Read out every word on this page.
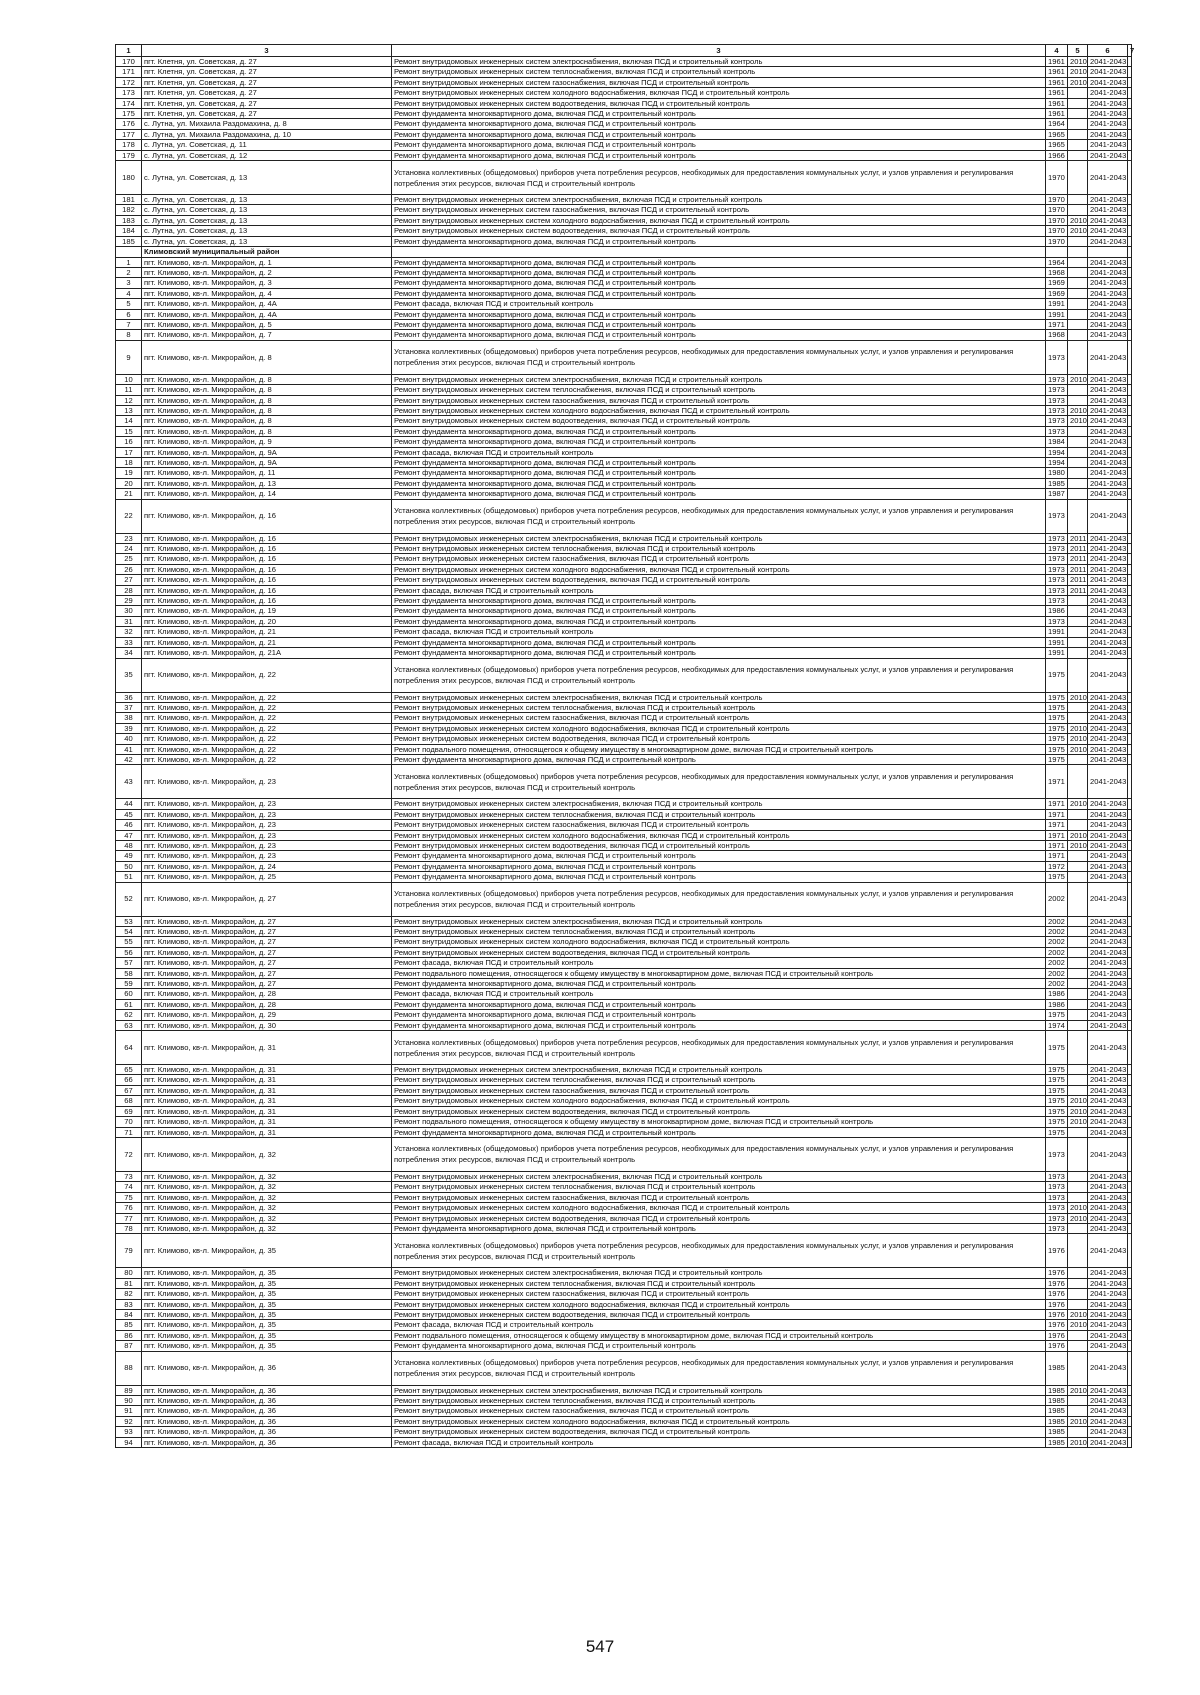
1	3	3	4	5	6	7
170	пгт. Клетня, ул. Советская, д. 27	Ремонт внутридомовых инженерных систем электроснабжения, включая ПСД и строительный контроль	1961	2010	2041-2043	
171	пгт. Клетня, ул. Советская, д. 27	Ремонт внутридомовых инженерных систем теплоснабжения, включая ПСД и строительный контроль	1961	2010	2041-2043	
172	пгт. Клетня, ул. Советская, д. 27	Ремонт внутридомовых инженерных систем газоснабжения, включая ПСД и строительный контроль	1961	2010	2041-2043	
173	пгт. Клетня, ул. Советская, д. 27	Ремонт внутридомовых инженерных систем холодного водоснабжения, включая ПСД и строительный контроль	1961		2041-2043	
174	пгт. Клетня, ул. Советская, д. 27	Ремонт внутридомовых инженерных систем водоотведения, включая ПСД и строительный контроль	1961		2041-2043	
175	пгт. Клетня, ул. Советская, д. 27	Ремонт фундамента многоквартирного дома, включая ПСД и строительный контроль	1961		2041-2043	
176	с. Лутна, ул. Михаила Раздомахина, д. 8	Ремонт фундамента многоквартирного дома, включая ПСД и строительный контроль	1964		2041-2043	
177	с. Лутна, ул. Михаила Раздомахина, д. 10	Ремонт фундамента многоквартирного дома, включая ПСД и строительный контроль	1965		2041-2043	
178	с. Лутна, ул. Советская, д. 11	Ремонт фундамента многоквартирного дома, включая ПСД и строительный контроль	1965		2041-2043	
179	с. Лутна, ул. Советская, д. 12	Ремонт фундамента многоквартирного дома, включая ПСД и строительный контроль	1966		2041-2043	
180	с. Лутна, ул. Советская, д. 13	Установка коллективных (общедомовых) приборов учета потребления ресурсов, необходимых для предоставления коммунальных услуг, и узлов управления и регулирования потребления этих ресурсов, включая ПСД и строительный контроль	1970		2041-2043	
181	с. Лутна, ул. Советская, д. 13	Ремонт внутридомовых инженерных систем электроснабжения, включая ПСД и строительный контроль	1970		2041-2043	
182	с. Лутна, ул. Советская, д. 13	Ремонт внутридомовых инженерных систем газоснабжения, включая ПСД и строительный контроль	1970		2041-2043	
183	с. Лутна, ул. Советская, д. 13	Ремонт внутридомовых инженерных систем холодного водоснабжения, включая ПСД и строительный контроль	1970	2010	2041-2043	
184	с. Лутна, ул. Советская, д. 13	Ремонт внутридомовых инженерных систем водоотведения, включая ПСД и строительный контроль	1970	2010	2041-2043	
185	с. Лутна, ул. Советская, д. 13	Ремонт фундамента многоквартирного дома, включая ПСД и строительный контроль	1970		2041-2043	
	Климовский муниципальный район					
1	пгт. Климово, кв-л. Микрорайон, д. 1	Ремонт фундамента многоквартирного дома, включая ПСД и строительный контроль	1964		2041-2043	
2	пгт. Климово, кв-л. Микрорайон, д. 2	Ремонт фундамента многоквартирного дома, включая ПСД и строительный контроль	1968		2041-2043	
3	пгт. Климово, кв-л. Микрорайон, д. 3	Ремонт фундамента многоквартирного дома, включая ПСД и строительный контроль	1969		2041-2043	
4	пгт. Климово, кв-л. Микрорайон, д. 4	Ремонт фундамента многоквартирного дома, включая ПСД и строительный контроль	1969		2041-2043	
5	пгт. Климово, кв-л. Микрорайон, д. 4А	Ремонт фасада, включая ПСД и строительный контроль	1991		2041-2043	
6	пгт. Климово, кв-л. Микрорайон, д. 4А	Ремонт фундамента многоквартирного дома, включая ПСД и строительный контроль	1991		2041-2043	
7	пгт. Климово, кв-л. Микрорайон, д. 5	Ремонт фундамента многоквартирного дома, включая ПСД и строительный контроль	1971		2041-2043	
8	пгт. Климово, кв-л. Микрорайон, д. 7	Ремонт фундамента многоквартирного дома, включая ПСД и строительный контроль	1968		2041-2043	
9	пгт. Климово, кв-л. Микрорайон, д. 8	Установка коллективных (общедомовых) приборов учета потребления ресурсов, необходимых для предоставления коммунальных услуг, и узлов управления и регулирования потребления этих ресурсов, включая ПСД и строительный контроль	1973		2041-2043	
10	пгт. Климово, кв-л. Микрорайон, д. 8	Ремонт внутридомовых инженерных систем электроснабжения, включая ПСД и строительный контроль	1973	2010	2041-2043	
11	пгт. Климово, кв-л. Микрорайон, д. 8	Ремонт внутридомовых инженерных систем теплоснабжения, включая ПСД и строительный контроль	1973		2041-2043	
12	пгт. Климово, кв-л. Микрорайон, д. 8	Ремонт внутридомовых инженерных систем газоснабжения, включая ПСД и строительный контроль	1973		2041-2043	
13	пгт. Климово, кв-л. Микрорайон, д. 8	Ремонт внутридомовых инженерных систем холодного водоснабжения, включая ПСД и строительный контроль	1973	2010	2041-2043	
14	пгт. Климово, кв-л. Микрорайон, д. 8	Ремонт внутридомовых инженерных систем водоотведения, включая ПСД и строительный контроль	1973	2010	2041-2043	
15	пгт. Климово, кв-л. Микрорайон, д. 8	Ремонт фундамента многоквартирного дома, включая ПСД и строительный контроль	1973		2041-2043	
16	пгт. Климово, кв-л. Микрорайон, д. 9	Ремонт фундамента многоквартирного дома, включая ПСД и строительный контроль	1984		2041-2043	
17	пгт. Климово, кв-л. Микрорайон, д. 9А	Ремонт фасада, включая ПСД и строительный контроль	1994		2041-2043	
18	пгт. Климово, кв-л. Микрорайон, д. 9А	Ремонт фундамента многоквартирного дома, включая ПСД и строительный контроль	1994		2041-2043	
19	пгт. Климово, кв-л. Микрорайон, д. 11	Ремонт фундамента многоквартирного дома, включая ПСД и строительный контроль	1980		2041-2043	
20	пгт. Климово, кв-л. Микрорайон, д. 13	Ремонт фундамента многоквартирного дома, включая ПСД и строительный контроль	1985		2041-2043	
21	пгт. Климово, кв-л. Микрорайон, д. 14	Ремонт фундамента многоквартирного дома, включая ПСД и строительный контроль	1987		2041-2043	
22	пгт. Климово, кв-л. Микрорайон, д. 16	Установка коллективных (общедомовых) приборов учета потребления ресурсов, необходимых для предоставления коммунальных услуг, и узлов управления и регулирования потребления этих ресурсов, включая ПСД и строительный контроль	1973		2041-2043	
23	пгт. Климово, кв-л. Микрорайон, д. 16	Ремонт внутридомовых инженерных систем электроснабжения, включая ПСД и строительный контроль	1973	2011	2041-2043	
24	пгт. Климово, кв-л. Микрорайон, д. 16	Ремонт внутридомовых инженерных систем теплоснабжения, включая ПСД и строительный контроль	1973	2011	2041-2043	
25	пгт. Климово, кв-л. Микрорайон, д. 16	Ремонт внутридомовых инженерных систем газоснабжения, включая ПСД и строительный контроль	1973	2011	2041-2043	
26	пгт. Климово, кв-л. Микрорайон, д. 16	Ремонт внутридомовых инженерных систем холодного водоснабжения, включая ПСД и строительный контроль	1973	2011	2041-2043	
27	пгт. Климово, кв-л. Микрорайон, д. 16	Ремонт внутридомовых инженерных систем водоотведения, включая ПСД и строительный контроль	1973	2011	2041-2043	
28	пгт. Климово, кв-л. Микрорайон, д. 16	Ремонт фасада, включая ПСД и строительный контроль	1973	2011	2041-2043	
29	пгт. Климово, кв-л. Микрорайон, д. 16	Ремонт фундамента многоквартирного дома, включая ПСД и строительный контроль	1973		2041-2043	
30	пгт. Климово, кв-л. Микрорайон, д. 19	Ремонт фундамента многоквартирного дома, включая ПСД и строительный контроль	1986		2041-2043	
31	пгт. Климово, кв-л. Микрорайон, д. 20	Ремонт фундамента многоквартирного дома, включая ПСД и строительный контроль	1973		2041-2043	
32	пгт. Климово, кв-л. Микрорайон, д. 21	Ремонт фасада, включая ПСД и строительный контроль	1991		2041-2043	
33	пгт. Климово, кв-л. Микрорайон, д. 21	Ремонт фундамента многоквартирного дома, включая ПСД и строительный контроль	1991		2041-2043	
34	пгт. Климово, кв-л. Микрорайон, д. 21А	Ремонт фундамента многоквартирного дома, включая ПСД и строительный контроль	1991		2041-2043	
35	пгт. Климово, кв-л. Микрорайон, д. 22	Установка коллективных (общедомовых) приборов учета потребления ресурсов, необходимых для предоставления коммунальных услуг, и узлов управления и регулирования потребления этих ресурсов, включая ПСД и строительный контроль	1975		2041-2043	
36	пгт. Климово, кв-л. Микрорайон, д. 22	Ремонт внутридомовых инженерных систем электроснабжения, включая ПСД и строительный контроль	1975	2010	2041-2043	
37	пгт. Климово, кв-л. Микрорайон, д. 22	Ремонт внутридомовых инженерных систем теплоснабжения, включая ПСД и строительный контроль	1975		2041-2043	
38	пгт. Климово, кв-л. Микрорайон, д. 22	Ремонт внутридомовых инженерных систем газоснабжения, включая ПСД и строительный контроль	1975		2041-2043	
39	пгт. Климово, кв-л. Микрорайон, д. 22	Ремонт внутридомовых инженерных систем холодного водоснабжения, включая ПСД и строительный контроль	1975	2010	2041-2043	
40	пгт. Климово, кв-л. Микрорайон, д. 22	Ремонт внутридомовых инженерных систем водоотведения, включая ПСД и строительный контроль	1975	2010	2041-2043	
41	пгт. Климово, кв-л. Микрорайон, д. 22	Ремонт подвального помещения, относящегося к общему имуществу в многоквартирном доме, включая ПСД и строительный контроль	1975	2010	2041-2043	
42	пгт. Климово, кв-л. Микрорайон, д. 22	Ремонт фундамента многоквартирного дома, включая ПСД и строительный контроль	1975		2041-2043	
43	пгт. Климово, кв-л. Микрорайон, д. 23	Установка коллективных (общедомовых) приборов учета потребления ресурсов, необходимых для предоставления коммунальных услуг, и узлов управления и регулирования потребления этих ресурсов, включая ПСД и строительный контроль	1971		2041-2043	
44	пгт. Климово, кв-л. Микрорайон, д. 23	Ремонт внутридомовых инженерных систем электроснабжения, включая ПСД и строительный контроль	1971	2010	2041-2043	
45	пгт. Климово, кв-л. Микрорайон, д. 23	Ремонт внутридомовых инженерных систем теплоснабжения, включая ПСД и строительный контроль	1971		2041-2043	
46	пгт. Климово, кв-л. Микрорайон, д. 23	Ремонт внутридомовых инженерных систем газоснабжения, включая ПСД и строительный контроль	1971		2041-2043	
47	пгт. Климово, кв-л. Микрорайон, д. 23	Ремонт внутридомовых инженерных систем холодного водоснабжения, включая ПСД и строительный контроль	1971	2010	2041-2043	
48	пгт. Климово, кв-л. Микрорайон, д. 23	Ремонт внутридомовых инженерных систем водоотведения, включая ПСД и строительный контроль	1971	2010	2041-2043	
49	пгт. Климово, кв-л. Микрорайон, д. 23	Ремонт фундамента многоквартирного дома, включая ПСД и строительный контроль	1971		2041-2043	
50	пгт. Климово, кв-л. Микрорайон, д. 24	Ремонт фундамента многоквартирного дома, включая ПСД и строительный контроль	1972		2041-2043	
51	пгт. Климово, кв-л. Микрорайон, д. 25	Ремонт фундамента многоквартирного дома, включая ПСД и строительный контроль	1975		2041-2043	
52	пгт. Климово, кв-л. Микрорайон, д. 27	Установка коллективных (общедомовых) приборов учета потребления ресурсов, необходимых для предоставления коммунальных услуг, и узлов управления и регулирования потребления этих ресурсов, включая ПСД и строительный контроль	2002		2041-2043	
53	пгт. Климово, кв-л. Микрорайон, д. 27	Ремонт внутридомовых инженерных систем электроснабжения, включая ПСД и строительный контроль	2002		2041-2043	
54	пгт. Климово, кв-л. Микрорайон, д. 27	Ремонт внутридомовых инженерных систем теплоснабжения, включая ПСД и строительный контроль	2002		2041-2043	
55	пгт. Климово, кв-л. Микрорайон, д. 27	Ремонт внутридомовых инженерных систем холодного водоснабжения, включая ПСД и строительный контроль	2002		2041-2043	
56	пгт. Климово, кв-л. Микрорайон, д. 27	Ремонт внутридомовых инженерных систем водоотведения, включая ПСД и строительный контроль	2002		2041-2043	
57	пгт. Климово, кв-л. Микрорайон, д. 27	Ремонт фасада, включая ПСД и строительный контроль	2002		2041-2043	
58	пгт. Климово, кв-л. Микрорайон, д. 27	Ремонт подвального помещения, относящегося к общему имуществу в многоквартирном доме, включая ПСД и строительный контроль	2002		2041-2043	
59	пгт. Климово, кв-л. Микрорайон, д. 27	Ремонт фундамента многоквартирного дома, включая ПСД и строительный контроль	2002		2041-2043	
60	пгт. Климово, кв-л. Микрорайон, д. 28	Ремонт фасада, включая ПСД и строительный контроль	1986		2041-2043	
61	пгт. Климово, кв-л. Микрорайон, д. 28	Ремонт фундамента многоквартирного дома, включая ПСД и строительный контроль	1986		2041-2043	
62	пгт. Климово, кв-л. Микрорайон, д. 29	Ремонт фундамента многоквартирного дома, включая ПСД и строительный контроль	1975		2041-2043	
63	пгт. Климово, кв-л. Микрорайон, д. 30	Ремонт фундамента многоквартирного дома, включая ПСД и строительный контроль	1974		2041-2043	
64	пгт. Климово, кв-л. Микрорайон, д. 31	Установка коллективных (общедомовых) приборов учета потребления ресурсов, необходимых для предоставления коммунальных услуг, и узлов управления и регулирования потребления этих ресурсов, включая ПСД и строительный контроль	1975		2041-2043	
65	пгт. Климово, кв-л. Микрорайон, д. 31	Ремонт внутридомовых инженерных систем электроснабжения, включая ПСД и строительный контроль	1975		2041-2043	
66	пгт. Климово, кв-л. Микрорайон, д. 31	Ремонт внутридомовых инженерных систем теплоснабжения, включая ПСД и строительный контроль	1975		2041-2043	
67	пгт. Климово, кв-л. Микрорайон, д. 31	Ремонт внутридомовых инженерных систем газоснабжения, включая ПСД и строительный контроль	1975		2041-2043	
68	пгт. Климово, кв-л. Микрорайон, д. 31	Ремонт внутридомовых инженерных систем холодного водоснабжения, включая ПСД и строительный контроль	1975	2010	2041-2043	
69	пгт. Климово, кв-л. Микрорайон, д. 31	Ремонт внутридомовых инженерных систем водоотведения, включая ПСД и строительный контроль	1975	2010	2041-2043	
70	пгт. Климово, кв-л. Микрорайон, д. 31	Ремонт подвального помещения, относящегося к общему имуществу в многоквартирном доме, включая ПСД и строительный контроль	1975	2010	2041-2043	
71	пгт. Климово, кв-л. Микрорайон, д. 31	Ремонт фундамента многоквартирного дома, включая ПСД и строительный контроль	1975		2041-2043	
72	пгт. Климово, кв-л. Микрорайон, д. 32	Установка коллективных (общедомовых) приборов учета потребления ресурсов, необходимых для предоставления коммунальных услуг, и узлов управления и регулирования потребления этих ресурсов, включая ПСД и строительный контроль	1973		2041-2043	
73	пгт. Климово, кв-л. Микрорайон, д. 32	Ремонт внутридомовых инженерных систем электроснабжения, включая ПСД и строительный контроль	1973		2041-2043	
74	пгт. Климово, кв-л. Микрорайон, д. 32	Ремонт внутридомовых инженерных систем теплоснабжения, включая ПСД и строительный контроль	1973		2041-2043	
75	пгт. Климово, кв-л. Микрорайон, д. 32	Ремонт внутридомовых инженерных систем газоснабжения, включая ПСД и строительный контроль	1973		2041-2043	
76	пгт. Климово, кв-л. Микрорайон, д. 32	Ремонт внутридомовых инженерных систем холодного водоснабжения, включая ПСД и строительный контроль	1973	2010	2041-2043	
77	пгт. Климово, кв-л. Микрорайон, д. 32	Ремонт внутридомовых инженерных систем водоотведения, включая ПСД и строительный контроль	1973	2010	2041-2043	
78	пгт. Климово, кв-л. Микрорайон, д. 32	Ремонт фундамента многоквартирного дома, включая ПСД и строительный контроль	1973		2041-2043	
79	пгт. Климово, кв-л. Микрорайон, д. 35	Установка коллективных (общедомовых) приборов учета потребления ресурсов, необходимых для предоставления коммунальных услуг, и узлов управления и регулирования потребления этих ресурсов, включая ПСД и строительный контроль	1976		2041-2043	
80	пгт. Климово, кв-л. Микрорайон, д. 35	Ремонт внутридомовых инженерных систем электроснабжения, включая ПСД и строительный контроль	1976		2041-2043	
81	пгт. Климово, кв-л. Микрорайон, д. 35	Ремонт внутридомовых инженерных систем теплоснабжения, включая ПСД и строительный контроль	1976		2041-2043	
82	пгт. Климово, кв-л. Микрорайон, д. 35	Ремонт внутридомовых инженерных систем газоснабжения, включая ПСД и строительный контроль	1976		2041-2043	
83	пгт. Климово, кв-л. Микрорайон, д. 35	Ремонт внутридомовых инженерных систем холодного водоснабжения, включая ПСД и строительный контроль	1976		2041-2043	
84	пгт. Климово, кв-л. Микрорайон, д. 35	Ремонт внутридомовых инженерных систем водоотведения, включая ПСД и строительный контроль	1976	2010	2041-2043	
85	пгт. Климово, кв-л. Микрорайон, д. 35	Ремонт фасада, включая ПСД и строительный контроль	1976	2010	2041-2043	
86	пгт. Климово, кв-л. Микрорайон, д. 35	Ремонт подвального помещения, относящегося к общему имуществу в многоквартирном доме, включая ПСД и строительный контроль	1976		2041-2043	
87	пгт. Климово, кв-л. Микрорайон, д. 35	Ремонт фундамента многоквартирного дома, включая ПСД и строительный контроль	1976		2041-2043	
88	пгт. Климово, кв-л. Микрорайон, д. 36	Установка коллективных (общедомовых) приборов учета потребления ресурсов, необходимых для предоставления коммунальных услуг, и узлов управления и регулирования потребления этих ресурсов, включая ПСД и строительный контроль	1985		2041-2043	
89	пгт. Климово, кв-л. Микрорайон, д. 36	Ремонт внутридомовых инженерных систем электроснабжения, включая ПСД и строительный контроль	1985	2010	2041-2043	
90	пгт. Климово, кв-л. Микрорайон, д. 36	Ремонт внутридомовых инженерных систем теплоснабжения, включая ПСД и строительный контроль	1985		2041-2043	
91	пгт. Климово, кв-л. Микрорайон, д. 36	Ремонт внутридомовых инженерных систем газоснабжения, включая ПСД и строительный контроль	1985		2041-2043	
92	пгт. Климово, кв-л. Микрорайон, д. 36	Ремонт внутридомовых инженерных систем холодного водоснабжения, включая ПСД и строительный контроль	1985	2010	2041-2043	
93	пгт. Климово, кв-л. Микрорайон, д. 36	Ремонт внутридомовых инженерных систем водоотведения, включая ПСД и строительный контроль	1985		2041-2043	
94	пгт. Климово, кв-л. Микрорайон, д. 36	Ремонт фасада, включая ПСД и строительный контроль	1985	2010	2041-2043	
547
